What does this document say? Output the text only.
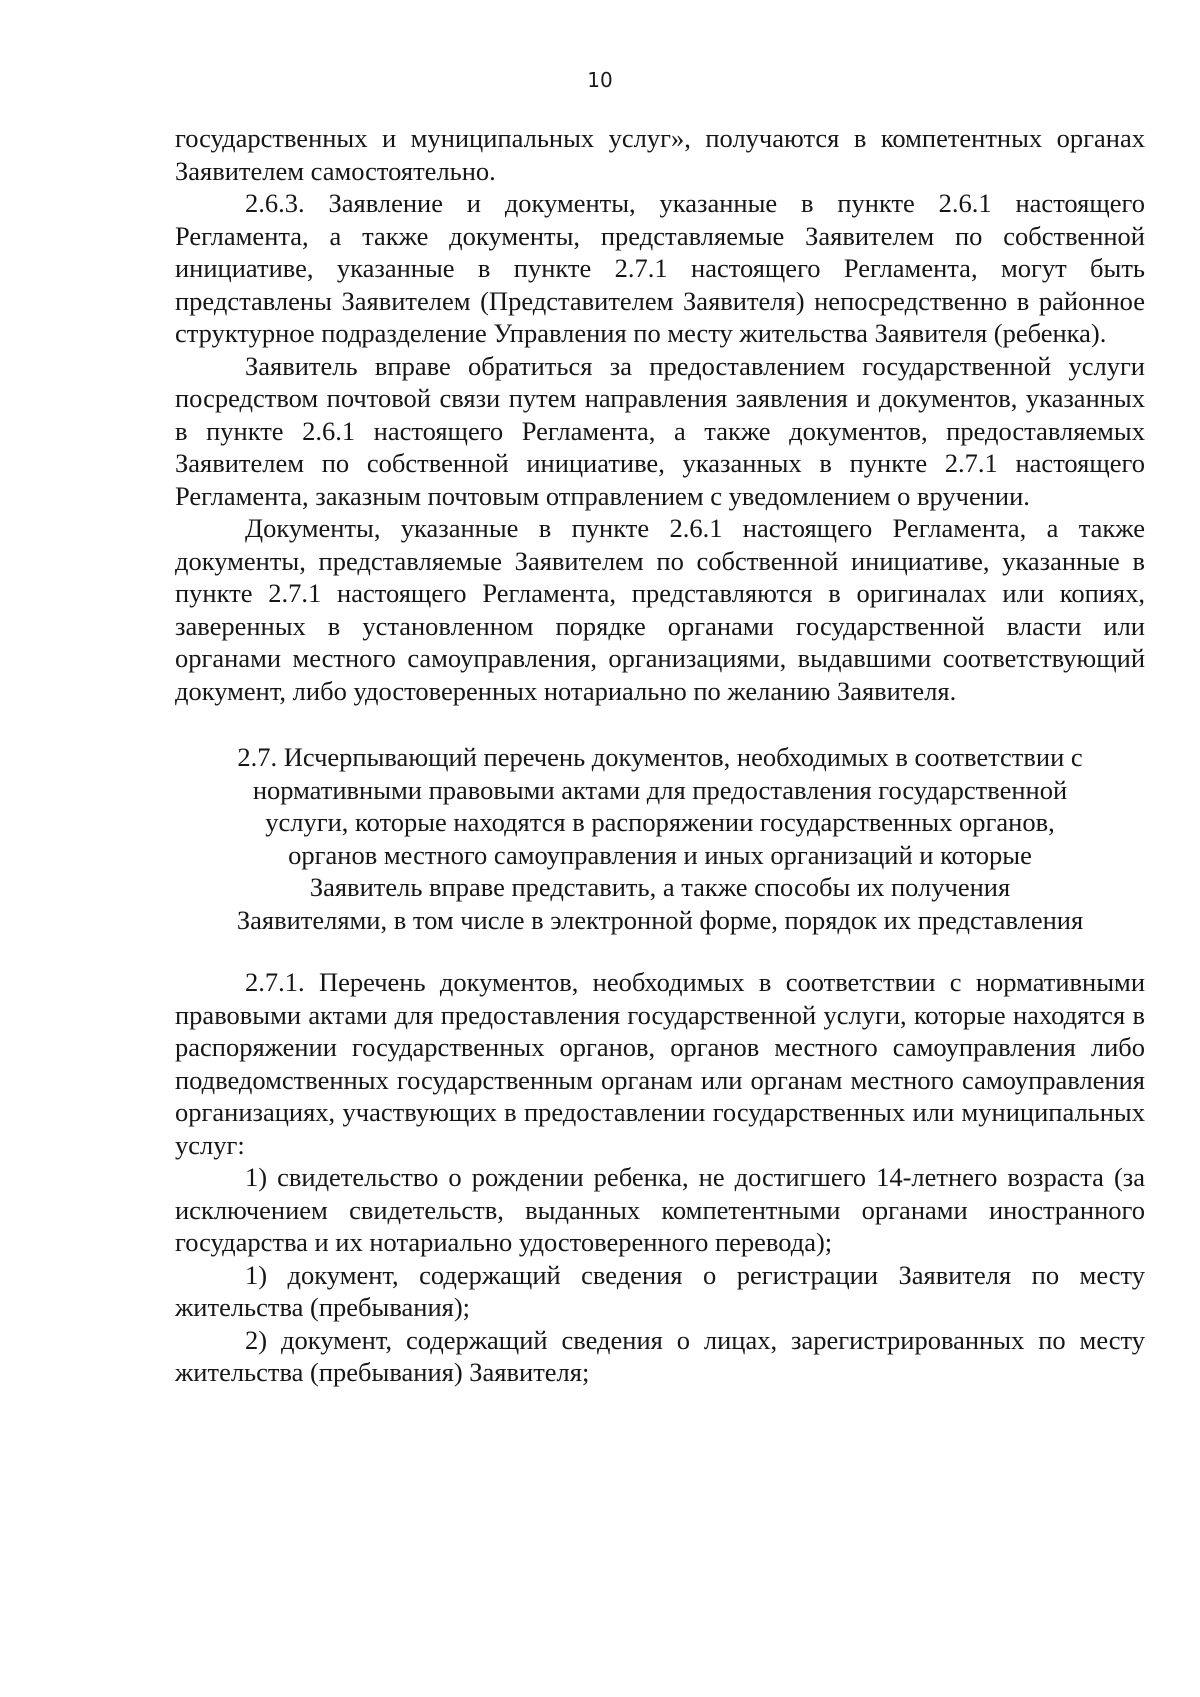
10

государственных и муниципальных услуг», получаются в компетентных органах Заявителем самостоятельно.

2.6.3. Заявление и документы, указанные в пункте 2.6.1 настоящего Регламента, а также документы, представляемые Заявителем по собственной инициативе, указанные в пункте 2.7.1 настоящего Регламента, могут быть представлены Заявителем (Представителем Заявителя) непосредственно в районное структурное подразделение Управления по месту жительства Заявителя (ребенка).

Заявитель вправе обратиться за предоставлением государственной услуги посредством почтовой связи путем направления заявления и документов, указанных в пункте 2.6.1 настоящего Регламента, а также документов, предоставляемых Заявителем по собственной инициативе, указанных в пункте 2.7.1 настоящего Регламента, заказным почтовым отправлением с уведомлением о вручении.

Документы, указанные в пункте 2.6.1 настоящего Регламента, а также документы, представляемые Заявителем по собственной инициативе, указанные в пункте 2.7.1 настоящего Регламента, представляются в оригиналах или копиях, заверенных в установленном порядке органами государственной власти или органами местного самоуправления, организациями, выдавшими соответствующий документ, либо удостоверенных нотариально по желанию Заявителя.

2.7. Исчерпывающий перечень документов, необходимых в соответствии с нормативными правовыми актами для предоставления государственной услуги, которые находятся в распоряжении государственных органов, органов местного самоуправления и иных организаций и которые Заявитель вправе представить, а также способы их получения Заявителями, в том числе в электронной форме, порядок их представления

2.7.1. Перечень документов, необходимых в соответствии с нормативными правовыми актами для предоставления государственной услуги, которые находятся в распоряжении государственных органов, органов местного самоуправления либо подведомственных государственным органам или органам местного самоуправления организациях, участвующих в предоставлении государственных или муниципальных услуг:

1) свидетельство о рождении ребенка, не достигшего 14-летнего возраста (за исключением свидетельств, выданных компетентными органами иностранного государства и их нотариально удостоверенного перевода);

1) документ, содержащий сведения о регистрации Заявителя по месту жительства (пребывания);

2) документ, содержащий сведения о лицах, зарегистрированных по месту жительства (пребывания) Заявителя;
